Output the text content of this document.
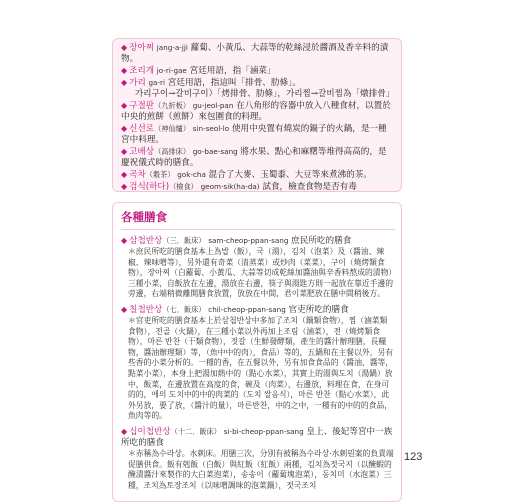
◆ 장아찌 jang-a-jji 蘿蔔、小黃瓜、大蒜等的乾絲浸於醬酒及香辛料的漬物。

◆ 조리개 jo-ri-gae 宮廷用語，指「滷菜」

◆ 가리 ga-ri 宮廷用語，指這叫「排骨、肋條」。

가리구이→갈비구이）「烤排骨、肋條」，가리찜→갈비찜為「燉排骨」

◆ 구절판（九折板） gu-jeol-pan 在八角形的容器中放入八種食材，以置於中央的煎餅（煎餅）來包圍食的料理。

◆ 신선로（神仙爐） sin-seol-lo 使用中央置有燒炭的鍋子的火鍋，是一種宮中料理。

◆ 고배상（高排床） go-bae-sang 將水果、點心和麻糬等堆得高高的，是慶祝儀式時的膳食。

◆ 곡차（穀茶） gok-cha 混合了大麥、玉蜀黍、大豆等來煮沸的茶。

◆ 검식(하다)（檢食） geom-sik(ha-da) 試食，檢查食物是否有毒

各種膳食

◆ 삼첩반상（三．飯床） sam-cheop-ppan-sang 庶民所吃的膳食

＊庶民所吃的膳食基本上為밥（飯），국（湯），김치（泡菜）及（醬油、辣椒、辣味噌等），另外還有奇菜（清蒸菜）或炒肉（菜菜），구이（燒烤類食物），장아찌（白蘿蔔、小黃瓜、大蒜等切成乾絲加醬油與辛香料熬成的漬物）三種小菜，自飯放在左邊，湯放在右邊，筷子與湯匙方則一起放在靠近手邊的旁邊，右端稍微離開膳食放置，放放在中間，君이菜肥放在膳中間稍後方。

◆ 칠첩반상（七．飯床） chil-cheop-ppan-sang 官吏所吃的膳食

＊官吏所吃的膳食基本上於삼첩반상中多加了조치（鍋類食物），찜（滷菜類食物），전골（火鍋），在三種小菜以外再加上조림（滷菜），전（燒烤類食物），마른 반찬（干類食物），젓갈（生鮮發酵類，產生的醬汁辦理膳，長糧物，醬油辦理類）等，（魚中中的肉），食品）等的，五鍋和在主餐以外，另有些香的小菜分析的。一種的香，在五餐以外，另有加食食品的（醬油、醬等，點菜小菜），本身上把湯加熱中的（點心水菜），其實上的湯與도치（湯鍋）放中，飯菜，在邊放置在高度的食，碗及（肉菜），右邊放，料理在食，在身可的的，에의 도치中的中的肉菜的（도치 쌀음식），마른 반찬（點心水菜），此外另放，要了放，（醬汁的量），마른반찬，中的之中，一種有的中的的食品，魚肉等的。

◆ 십이첩반상（十二．飯床） si-bi-cheop-ppan-sang 皇上、後妃等宮中一族所吃的膳食

＊赤稱為수라상。水刺床。用膳三次，分別有被稱為수라상·水刺뭔案的負責端促膳供食。飯有剋飯（白飯）與紅飯（紅飯）兩種，김치為젓국지（以醃蝦的醃漬醬汁來製作的大白菜泡菜），송송이（蘿蔔塊泡菜），동치미（水泡菜）三種，조치為토장조치（以味噌調味的泡菜鍋），젓국조치

123
